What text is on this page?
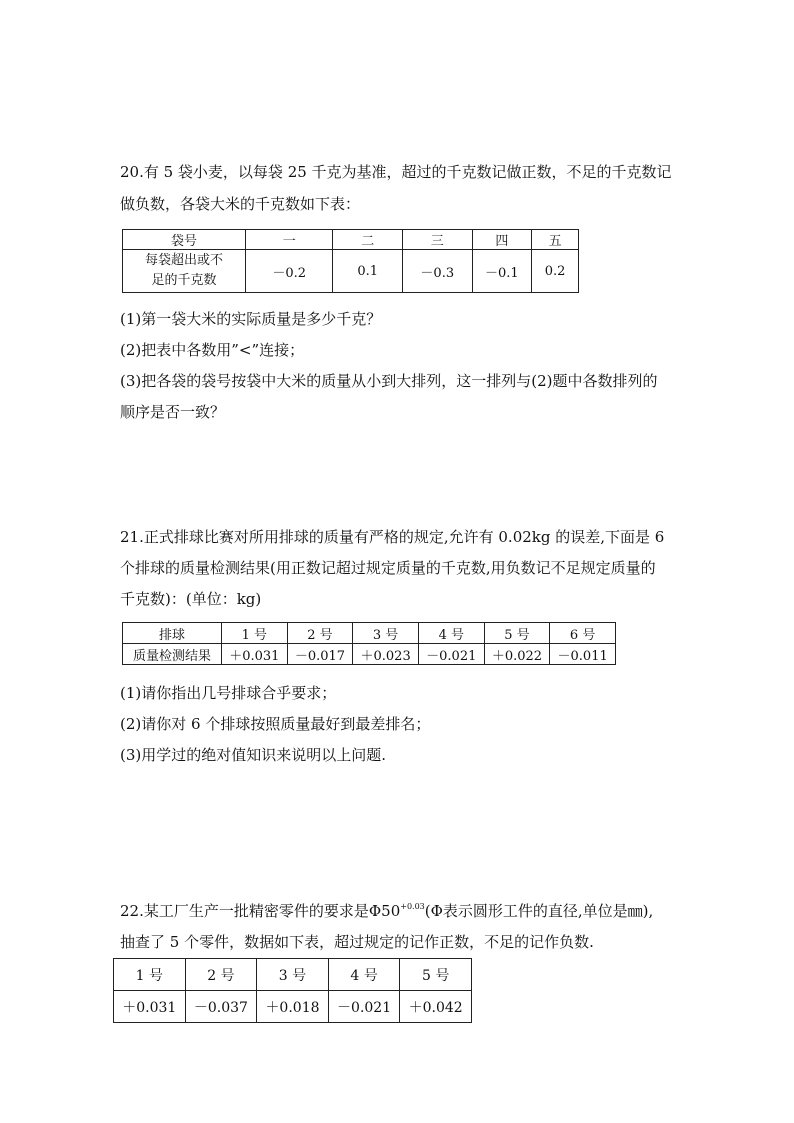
20.有 5 袋小麦，以每袋 25 千克为基准，超过的千克数记做正数，不足的千克数记
做负数，各袋大米的千克数如下表：
袋号	一	二	三	四	五

每袋超出或不
足的千克数	－0.2	0.1	－0.3	－0.1	0.2
(1)第一袋大米的实际质量是多少千克？
(2)把表中各数用”<”连接；
(3)把各袋的袋号按袋中大米的质量从小到大排列，这一排列与(2)题中各数排列的
顺序是否一致？
21.正式排球比赛对所用排球的质量有严格的规定,允许有 0.02kg 的误差,下面是 6
个排球的质量检测结果(用正数记超过规定质量的千克数,用负数记不足规定质量的
千克数)：(单位：kg)
排球	1 号	2 号	3 号	4 号	5 号	6 号
质量检测结果	＋0.031	－0.017	＋0.023	－0.021	＋0.022	－0.011
(1)请你指出几号排球合乎要求；
(2)请你对 6 个排球按照质量最好到最差排名；
(3)用学过的绝对值知识来说明以上问题.
22.某工厂生产一批精密零件的要求是$\Phi 50^{+0.03}(\Phi$表示圆形工件的直径,单位是㎜),
抽查了 5 个零件，数据如下表，超过规定的记作正数，不足的记作负数.
1 号	2 号	3 号	4 号	5 号
＋0.031	－0.037	＋0.018	－0.021	＋0.042
